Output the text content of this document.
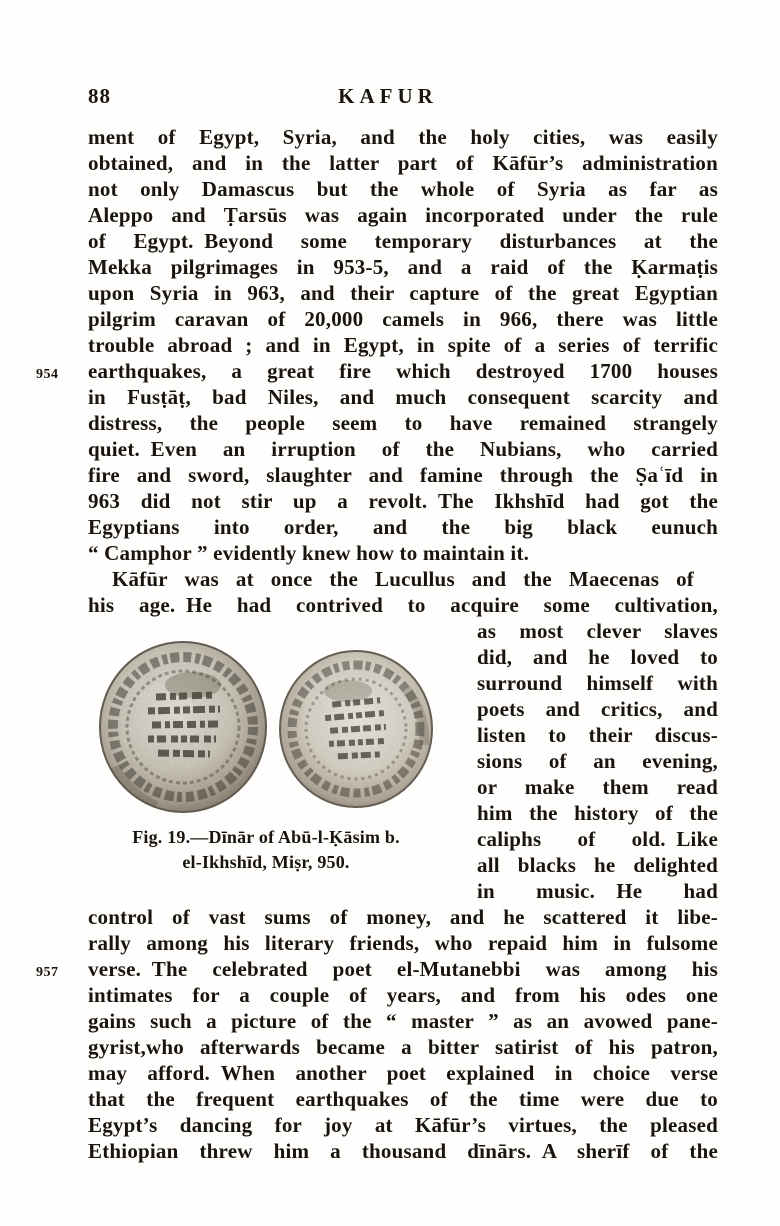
88	KAFUR
ment of Egypt, Syria, and the holy cities, was easily
obtained, and in the latter part of Kāfūr’s administration
not only Damascus but the whole of Syria as far as
Aleppo and Ṭarsūs was again incorporated under the rule
of Egypt. Beyond some temporary disturbances at the
Mekka pilgrimages in 953-5, and a raid of the Ḳarmaṭis
upon Syria in 963, and their capture of the great Egyptian
pilgrim caravan of 20,000 camels in 966, there was little
trouble abroad ; and in Egypt, in spite of a series of terrific
954	earthquakes, a great fire which destroyed 1700 houses
in Fusṭāṭ, bad Niles, and much consequent scarcity and
distress, the people seem to have remained strangely
quiet. Even an irruption of the Nubians, who carried
fire and sword, slaughter and famine through the Ṣaʿīd in
963 did not stir up a revolt. The Ikhshīd had got the
Egyptians into order, and the big black eunuch
“ Camphor ” evidently knew how to maintain it.
Kāfūr was at once the Lucullus and the Maecenas of
his age. He had contrived to acquire some cultivation,
Fig. 19.—Dīnār of Abū-l-Ḳāsim b.
el-Ikhshīd, Miṣr, 950.
as most clever slaves
did, and he loved to
surround himself with
poets and critics, and
listen to their discus-
sions of an evening,
or make them read
him the history of the
caliphs of old. Like
all blacks he delighted
in music. He had
control of vast sums of money, and he scattered it libe-
rally among his literary friends, who repaid him in fulsome
957	verse. The celebrated poet el-Mutanebbi was among his
intimates for a couple of years, and from his odes one
gains such a picture of the “ master ” as an avowed pane-
gyrist,who afterwards became a bitter satirist of his patron,
may afford. When another poet explained in choice verse
that the frequent earthquakes of the time were due to
Egypt’s dancing for joy at Kāfūr’s virtues, the pleased
Ethiopian threw him a thousand dīnārs. A sherīf of the
